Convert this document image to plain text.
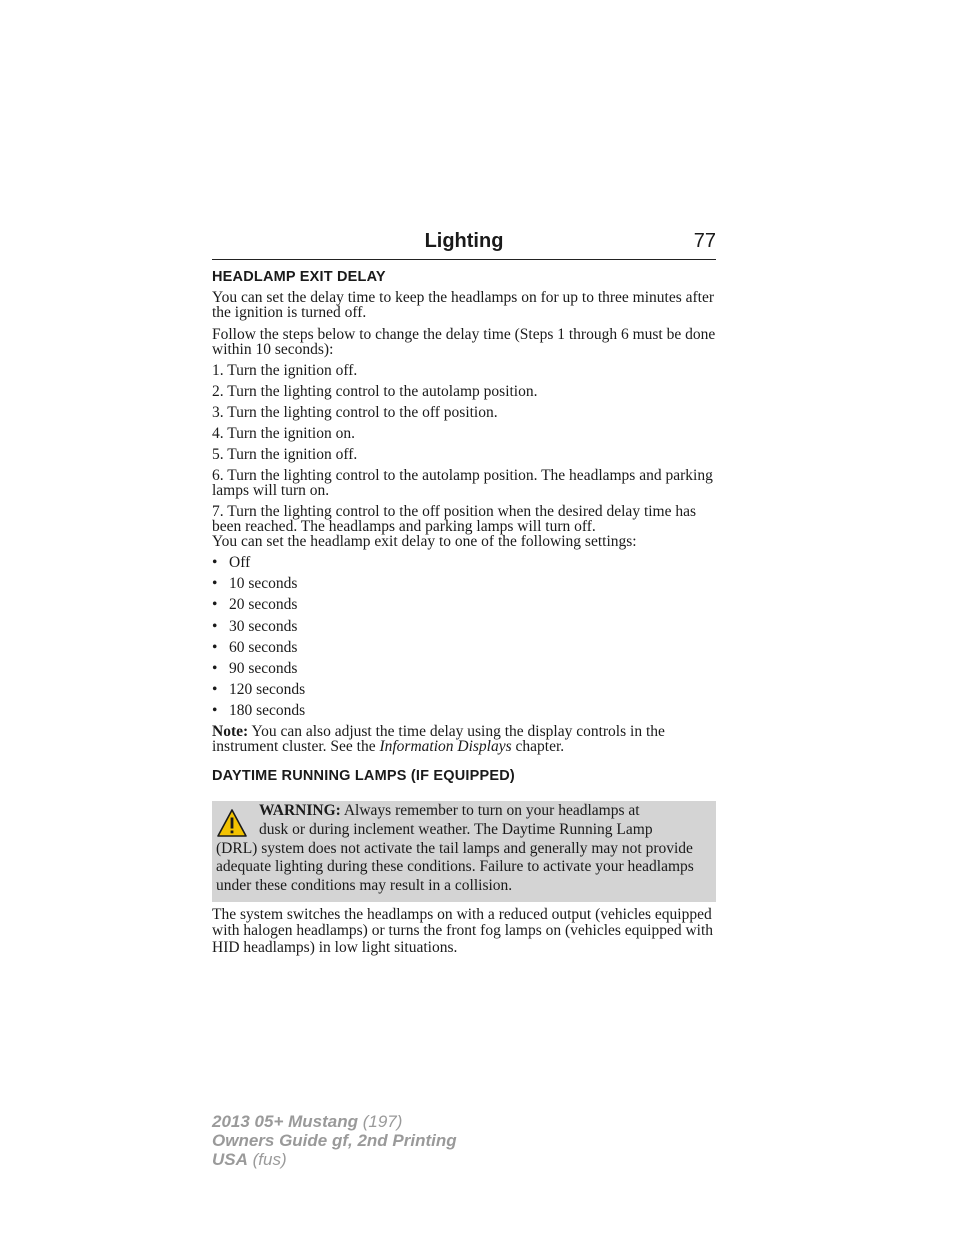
Lighting	77
HEADLAMP EXIT DELAY

You can set the delay time to keep the headlamps on for up to three minutes after the ignition is turned off.

Follow the steps below to change the delay time (Steps 1 through 6 must be done within 10 seconds):

1. Turn the ignition off.

2. Turn the lighting control to the autolamp position.

3. Turn the lighting control to the off position.

4. Turn the ignition on.

5. Turn the ignition off.

6. Turn the lighting control to the autolamp position. The headlamps and parking lamps will turn on.

7. Turn the lighting control to the off position when the desired delay time has been reached. The headlamps and parking lamps will turn off.

You can set the headlamp exit delay to one of the following settings:

• Off

• 10 seconds

• 20 seconds

• 30 seconds

• 60 seconds

• 90 seconds

• 120 seconds

• 180 seconds

Note: You can also adjust the time delay using the display controls in the instrument cluster. See the Information Displays chapter.

DAYTIME RUNNING LAMPS (IF EQUIPPED)

WARNING: Always remember to turn on your headlamps at

dusk or during inclement weather. The Daytime Running Lamp

(DRL) system does not activate the tail lamps and generally may not provide adequate lighting during these conditions. Failure to activate your headlamps under these conditions may result in a collision.

The system switches the headlamps on with a reduced output (vehicles equipped with halogen headlamps) or turns the front fog lamps on (vehicles equipped with HID headlamps) in low light situations.

2013 05+ Mustang (197)
Owners Guide gf, 2nd Printing
USA (fus)
